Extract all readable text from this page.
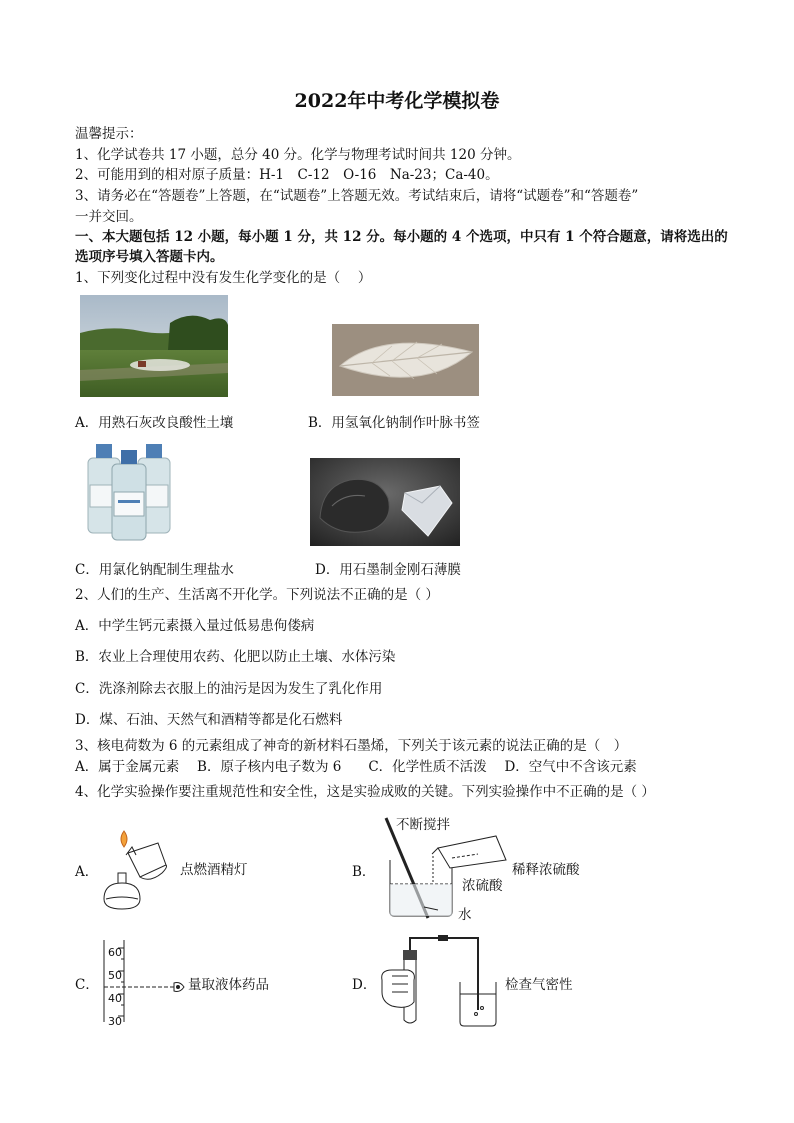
2022年中考化学模拟卷
温馨提示：
1、化学试卷共 17 小题，总分 40 分。化学与物理考试时间共 120 分钟。
2、可能用到的相对原子质量：H-1　C-12　O-16　Na-23；Ca-40。
3、请务必在“答题卷”上答题，在“试题卷”上答题无效。考试结束后，请将“试题卷”和“答题卷”
一并交回。
一、本大题包括 12 小题，每小题 1 分，共 12 分。每小题的 4 个选项，中只有 1 个符合题意，请将选出的
选项序号填入答题卡内。
1、下列变化过程中没有发生化学变化的是（　 ）
A．用熟石灰改良酸性土壤	B．用氢氧化钠制作叶脉书签
C．用氯化钠配制生理盐水	D．用石墨制金刚石薄膜
2、人们的生产、生活离不开化学。下列说法不正确的是（ ）
A．中学生钙元素摄入量过低易患佝偻病
B．农业上合理使用农药、化肥以防止土壤、水体污染
C．洗涤剂除去衣服上的油污是因为发生了乳化作用
D．煤、石油、天然气和酒精等都是化石燃料
3、核电荷数为 6 的元素组成了神奇的新材料石墨烯，下列关于该元素的说法正确的是（　）
A．属于金属元素　 B．原子核内电子数为 6　　C．化学性质不活泼　 D．空气中不含该元素
4、化学实验操作要注重规范性和安全性，这是实验成败的关键。下列实验操作中不正确的是（ ）
A．	点燃酒精灯	B．
不断搅拌
稀释浓硫酸
浓硫酸
水
C．
60
50
40
30
量取液体药品	D．	检查气密性
